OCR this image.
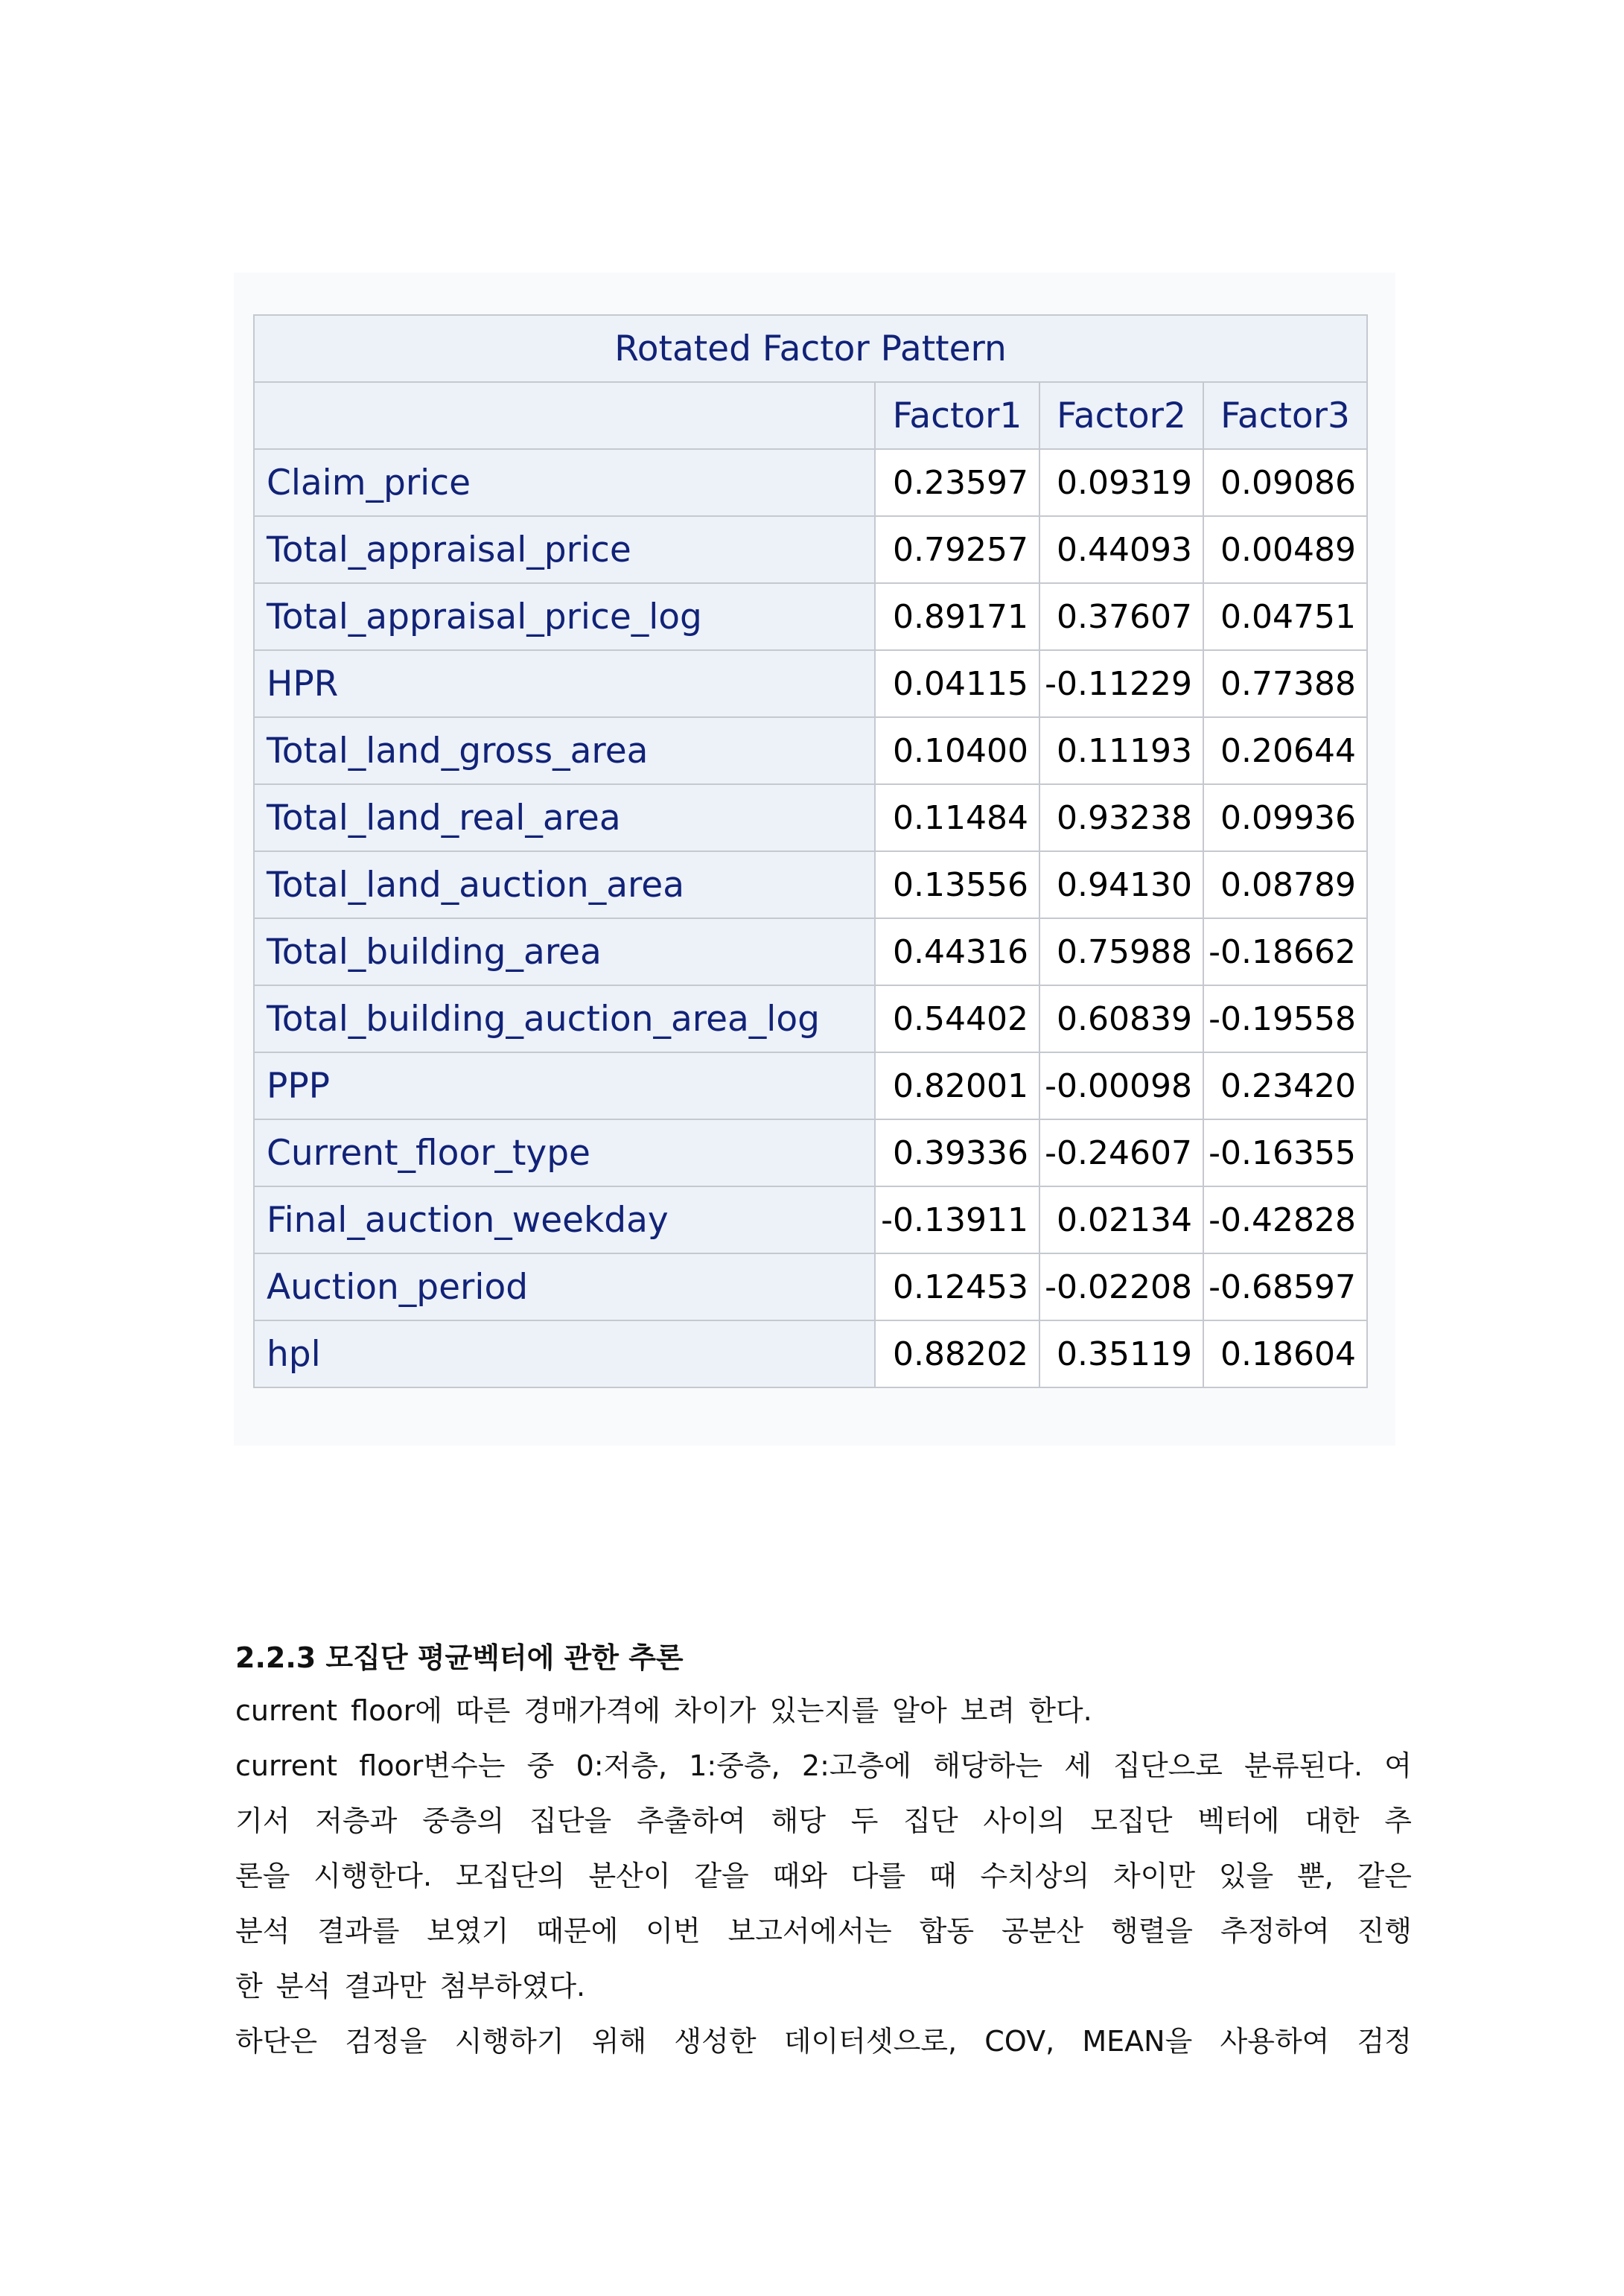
Rotated Factor Pattern			
	Factor1	Factor2	Factor3
Claim_price	0.23597	0.09319	0.09086
Total_appraisal_price	0.79257	0.44093	0.00489
Total_appraisal_price_log	0.89171	0.37607	0.04751
HPR	0.04115	-0.11229	0.77388
Total_land_gross_area	0.10400	0.11193	0.20644
Total_land_real_area	0.11484	0.93238	0.09936
Total_land_auction_area	0.13556	0.94130	0.08789
Total_building_area	0.44316	0.75988	-0.18662
Total_building_auction_area_log	0.54402	0.60839	-0.19558
PPP	0.82001	-0.00098	0.23420
Current_floor_type	0.39336	-0.24607	-0.16355
Final_auction_weekday	-0.13911	0.02134	-0.42828
Auction_period	0.12453	-0.02208	-0.68597
hpl	0.88202	0.35119	0.18604
2.2.3 모집단 평균벡터에 관한 추론
current floor에 따른 경매가격에 차이가 있는지를 알아 보려 한다.
current floor변수는 중 0:저층, 1:중층, 2:고층에 해당하는 세 집단으로 분류된다. 여
기서 저층과 중층의 집단을 추출하여 해당 두 집단 사이의 모집단 벡터에 대한 추
론을 시행한다. 모집단의 분산이 같을 때와 다를 때 수치상의 차이만 있을 뿐, 같은
분석 결과를 보였기 때문에 이번 보고서에서는 합동 공분산 행렬을 추정하여 진행
한 분석 결과만 첨부하였다.
하단은 검정을 시행하기 위해 생성한 데이터셋으로, COV, MEAN을 사용하여 검정
